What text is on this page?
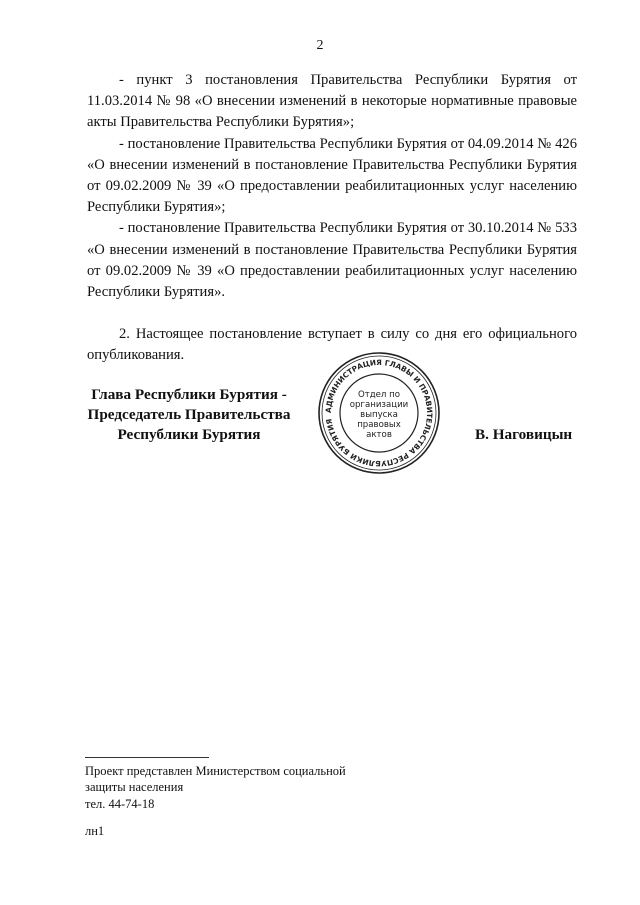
2

- пункт 3 постановления Правительства Республики Бурятия от 11.03.2014 № 98 «О внесении изменений в некоторые нормативные правовые акты Правительства Республики Бурятия»;

- постановление Правительства Республики Бурятия от 04.09.2014 № 426 «О внесении изменений в постановление Правительства Республики Бурятия от 09.02.2009 № 39 «О предоставлении реабилитационных услуг населению Республики Бурятия»;

- постановление Правительства Республики Бурятия от 30.10.2014 № 533 «О внесении изменений в постановление Правительства Республики Бурятия от 09.02.2009 № 39 «О предоставлении реабилитационных услуг населению Республики Бурятия».

2. Настоящее постановление вступает в силу со дня его официального опубликования.

Глава Республики Бурятия -
Председатель Правительства
Республики Бурятия
АДМИНИСТРАЦИЯ ГЛАВЫ И ПРАВИТЕЛЬСТВА РЕСПУБЛИКИ БУРЯТИЯ
Отдел по
организации
выпуска
правовых
актов	В. Наговицын
Проект представлен Министерством социальной
защиты населения
тел. 44-74-18
лн1
